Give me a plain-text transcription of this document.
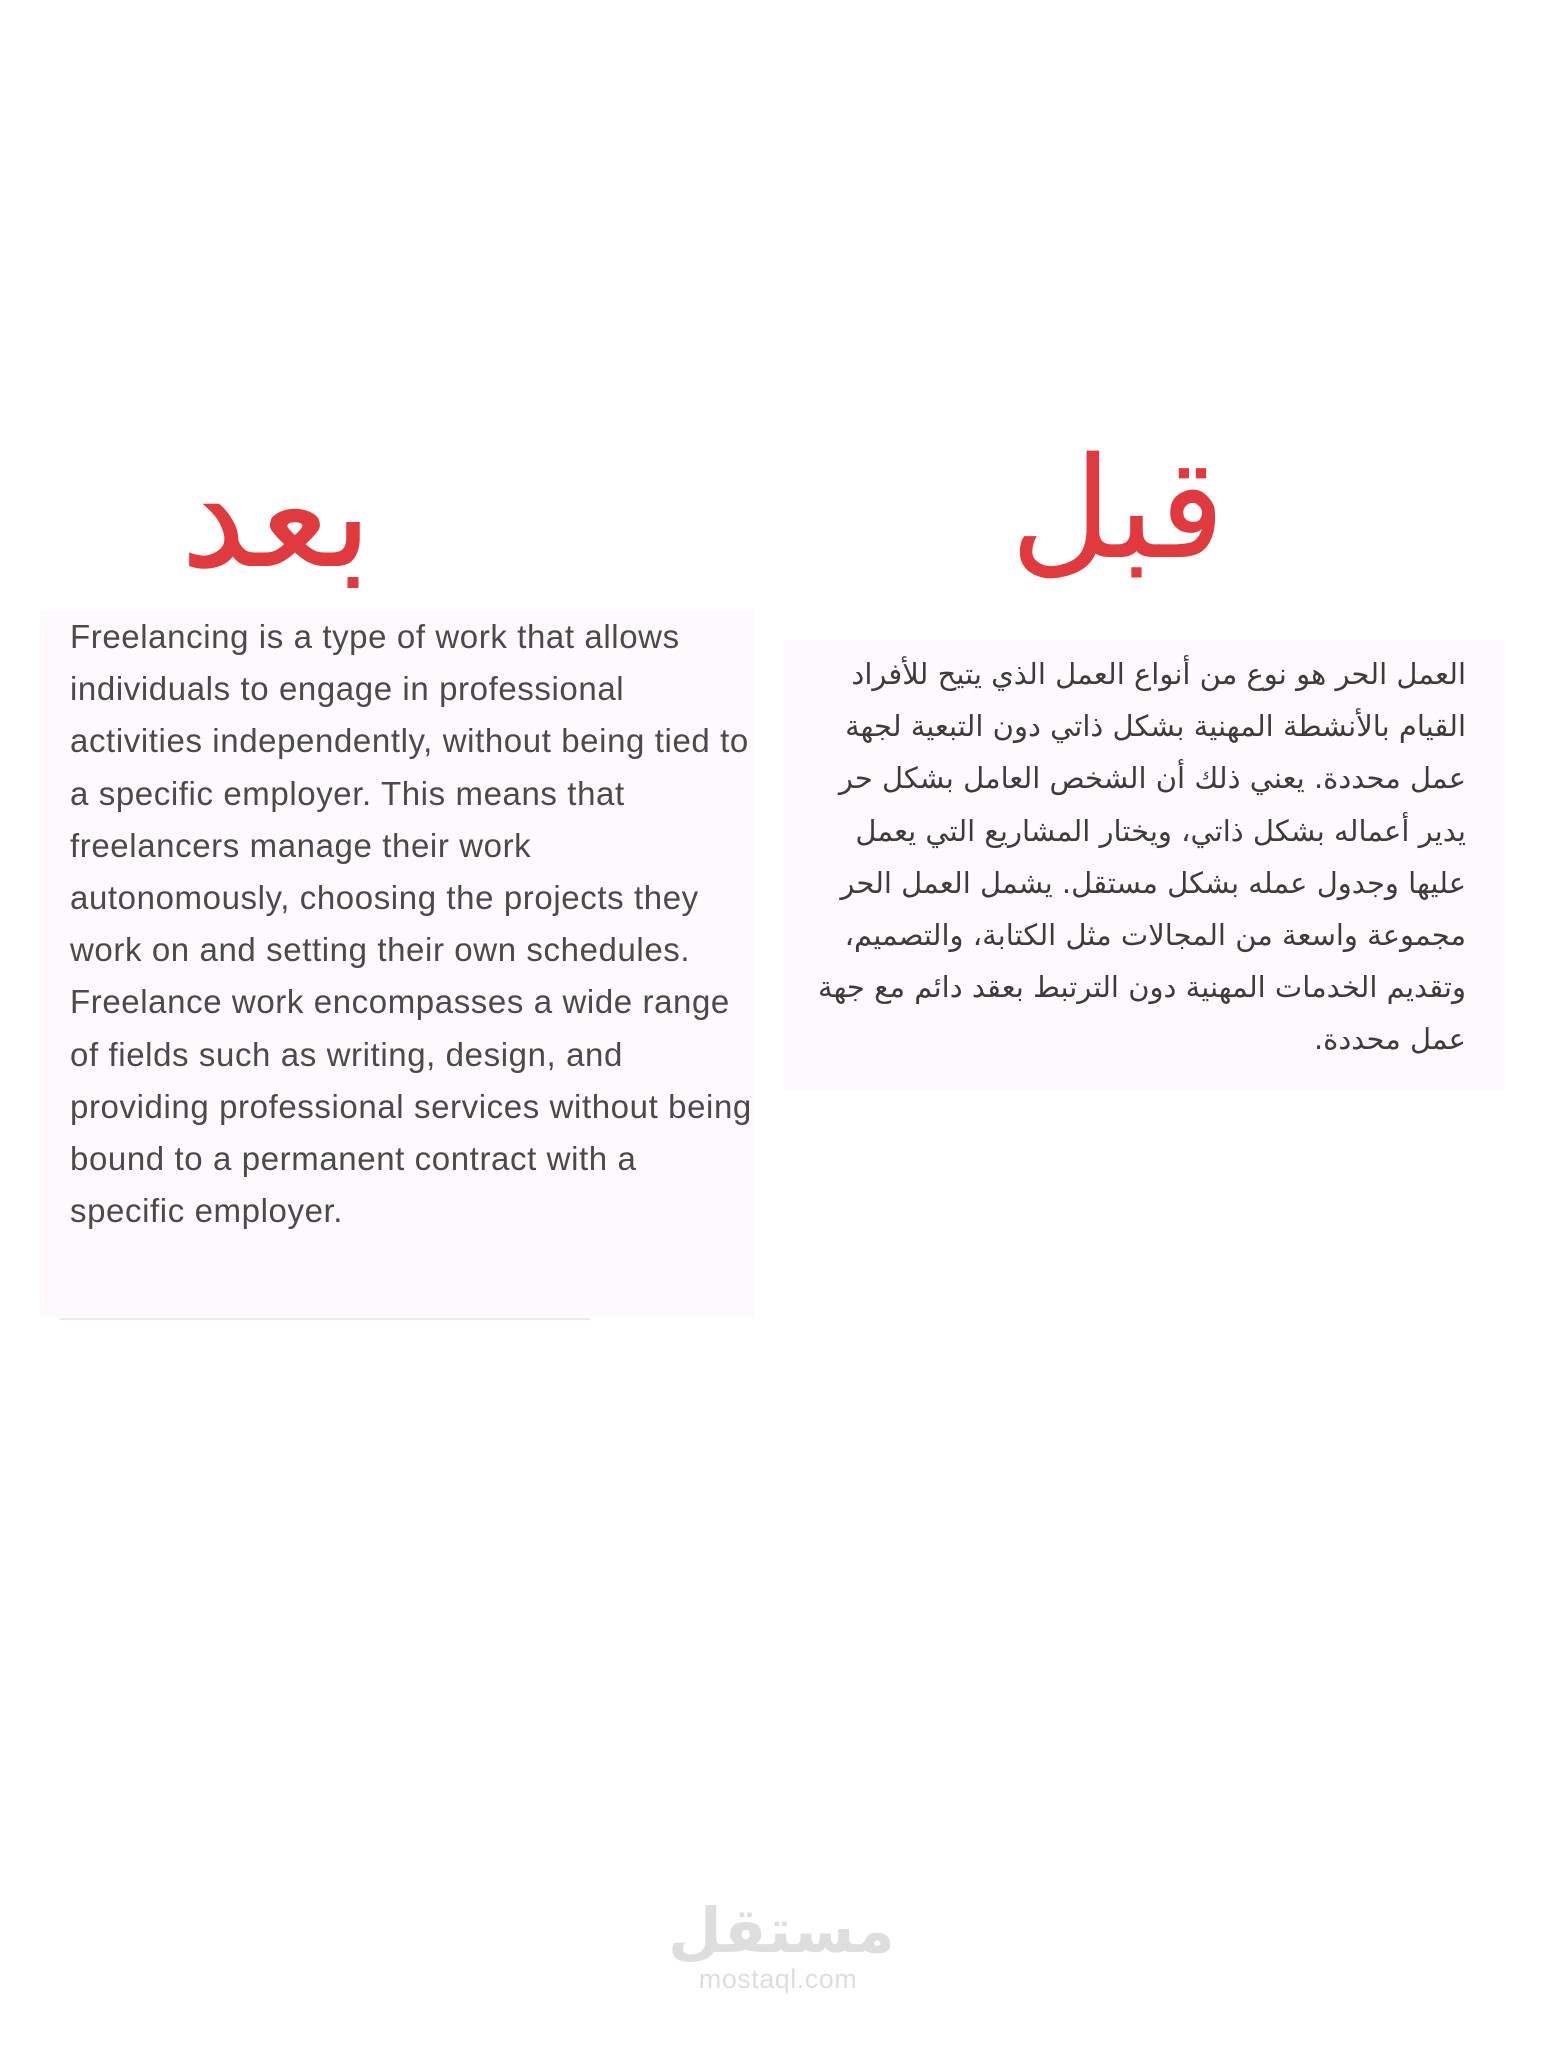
بعد	قبل
Freelancing is a type of work that allows individuals to engage in professional activities independently, without being tied to a specific employer. This means that freelancers manage their work autonomously, choosing the projects they work on and setting their own schedules. Freelance work encompasses a wide range of fields such as writing, design, and providing professional services without being bound to a permanent contract with a specific employer.
العمل الحر هو نوع من أنواع العمل الذي يتيح للأفراد القيام بالأنشطة المهنية بشكل ذاتي دون التبعية لجهة عمل محددة. يعني ذلك أن الشخص العامل بشكل حر يدير أعماله بشكل ذاتي، ويختار المشاريع التي يعمل عليها وجدول عمله بشكل مستقل. يشمل العمل الحر مجموعة واسعة من المجالات مثل الكتابة، والتصميم، وتقديم الخدمات المهنية دون الترتبط بعقد دائم مع جهة عمل محددة.
مستقل
mostaql.com
